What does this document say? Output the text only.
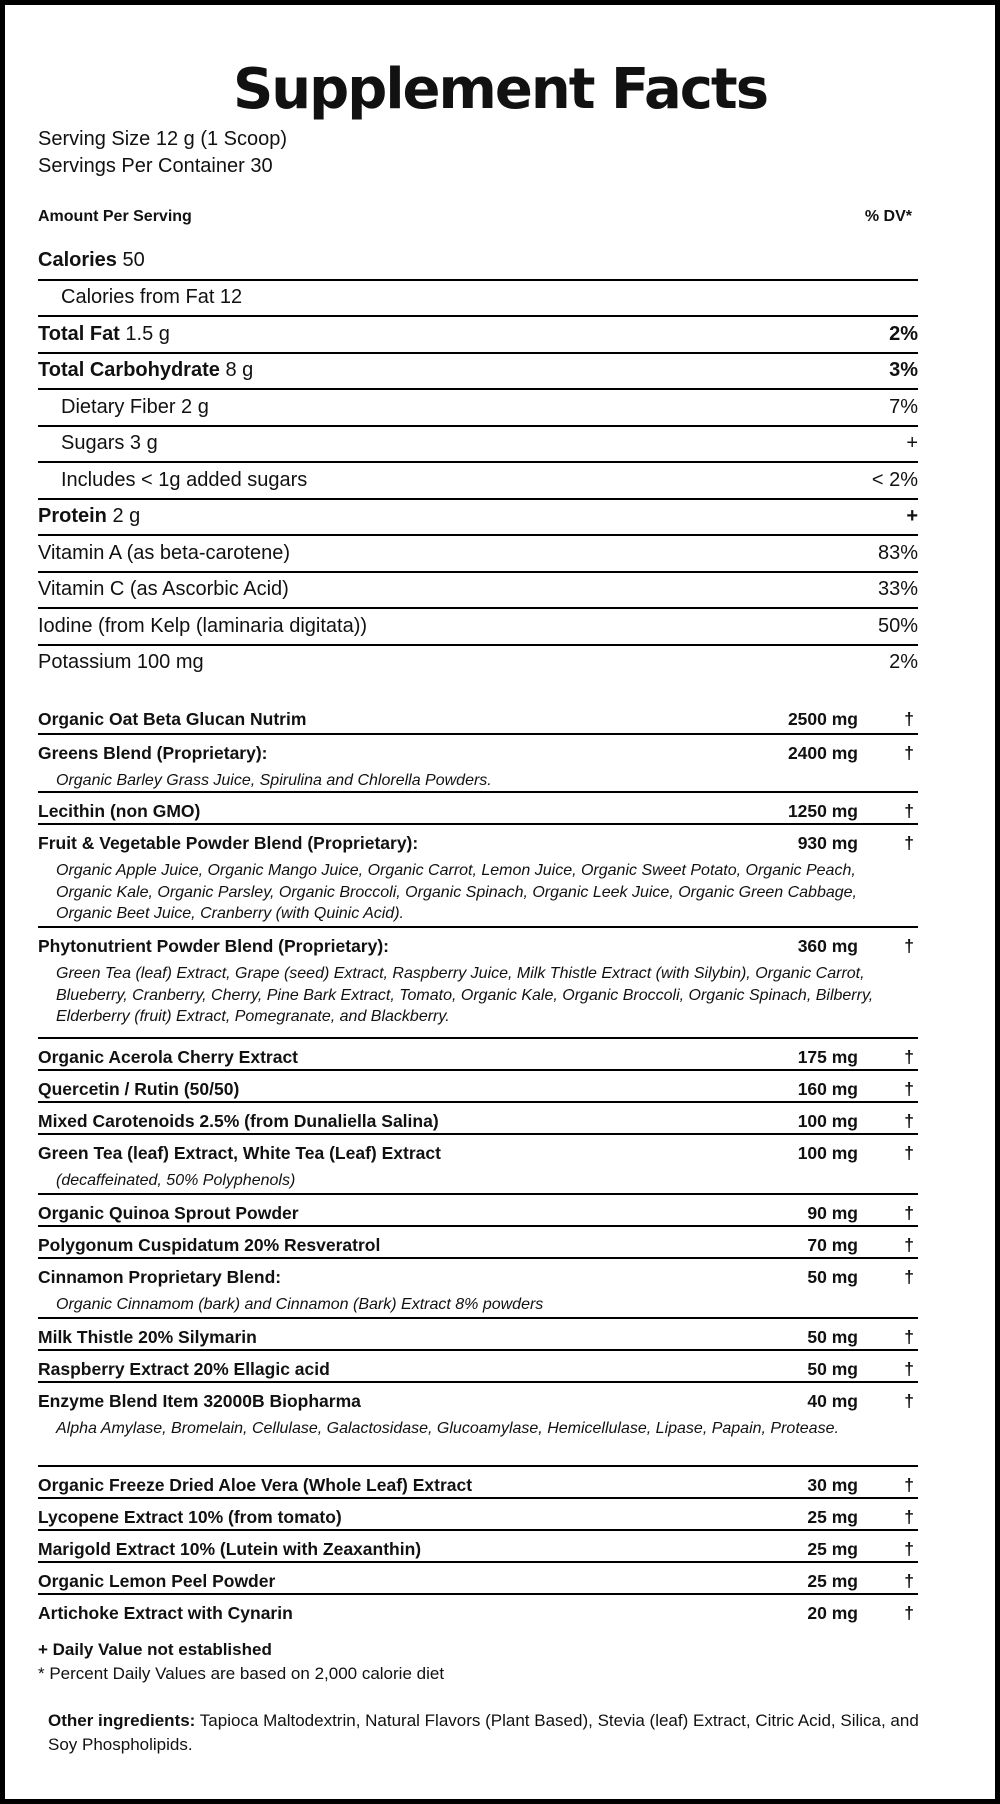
Supplement Facts
Serving Size 12 g (1 Scoop)
Servings Per Container 30
Amount Per Serving	% DV*
Calories 50
Calories from Fat 12
Total Fat 1.5 g	2%
Total Carbohydrate 8 g	3%
Dietary Fiber 2 g	7%
Sugars 3 g	+
Includes < 1g added sugars	< 2%
Protein 2 g	+
Vitamin A (as beta-carotene)	83%
Vitamin C (as Ascorbic Acid)	33%
Iodine (from Kelp (laminaria digitata))	50%
Potassium 100 mg	2%
Organic Oat Beta Glucan Nutrim	2500 mg	†
Greens Blend (Proprietary):	2400 mg	†
Organic Barley Grass Juice, Spirulina and Chlorella Powders.
Lecithin (non GMO)	1250 mg	†
Fruit & Vegetable Powder Blend (Proprietary):	930 mg	†
Organic Apple Juice, Organic Mango Juice, Organic Carrot, Lemon Juice, Organic Sweet Potato, Organic Peach, Organic Kale, Organic Parsley, Organic Broccoli, Organic Spinach, Organic Leek Juice, Organic Green Cabbage, Organic Beet Juice, Cranberry (with Quinic Acid).
Phytonutrient Powder Blend (Proprietary):	360 mg	†
Green Tea (leaf) Extract, Grape (seed) Extract, Raspberry Juice, Milk Thistle Extract (with Silybin), Organic Carrot, Blueberry, Cranberry, Cherry, Pine Bark Extract, Tomato, Organic Kale, Organic Broccoli, Organic Spinach, Bilberry, Elderberry (fruit) Extract, Pomegranate, and Blackberry.
Organic Acerola Cherry Extract	175 mg	†
Quercetin / Rutin (50/50)	160 mg	†
Mixed Carotenoids 2.5% (from Dunaliella Salina)	100 mg	†
Green Tea (leaf) Extract, White Tea (Leaf) Extract	100 mg	†
(decaffeinated, 50% Polyphenols)
Organic Quinoa Sprout Powder	90 mg	†
Polygonum Cuspidatum 20% Resveratrol	70 mg	†
Cinnamon Proprietary Blend:	50 mg	†
Organic Cinnamom (bark) and Cinnamon (Bark) Extract 8% powders
Milk Thistle 20% Silymarin	50 mg	†
Raspberry Extract 20% Ellagic acid	50 mg	†
Enzyme Blend Item 32000B Biopharma	40 mg	†
Alpha Amylase, Bromelain, Cellulase, Galactosidase, Glucoamylase, Hemicellulase, Lipase, Papain, Protease.
Organic Freeze Dried Aloe Vera (Whole Leaf) Extract	30 mg	†
Lycopene Extract 10% (from tomato)	25 mg	†
Marigold Extract 10% (Lutein with Zeaxanthin)	25 mg	†
Organic Lemon Peel Powder	25 mg	†
Artichoke Extract with Cynarin	20 mg	†
+ Daily Value not established
* Percent Daily Values are based on 2,000 calorie diet
Other ingredients: Tapioca Maltodextrin, Natural Flavors (Plant Based), Stevia (leaf) Extract, Citric Acid, Silica, and Soy Phospholipids.
